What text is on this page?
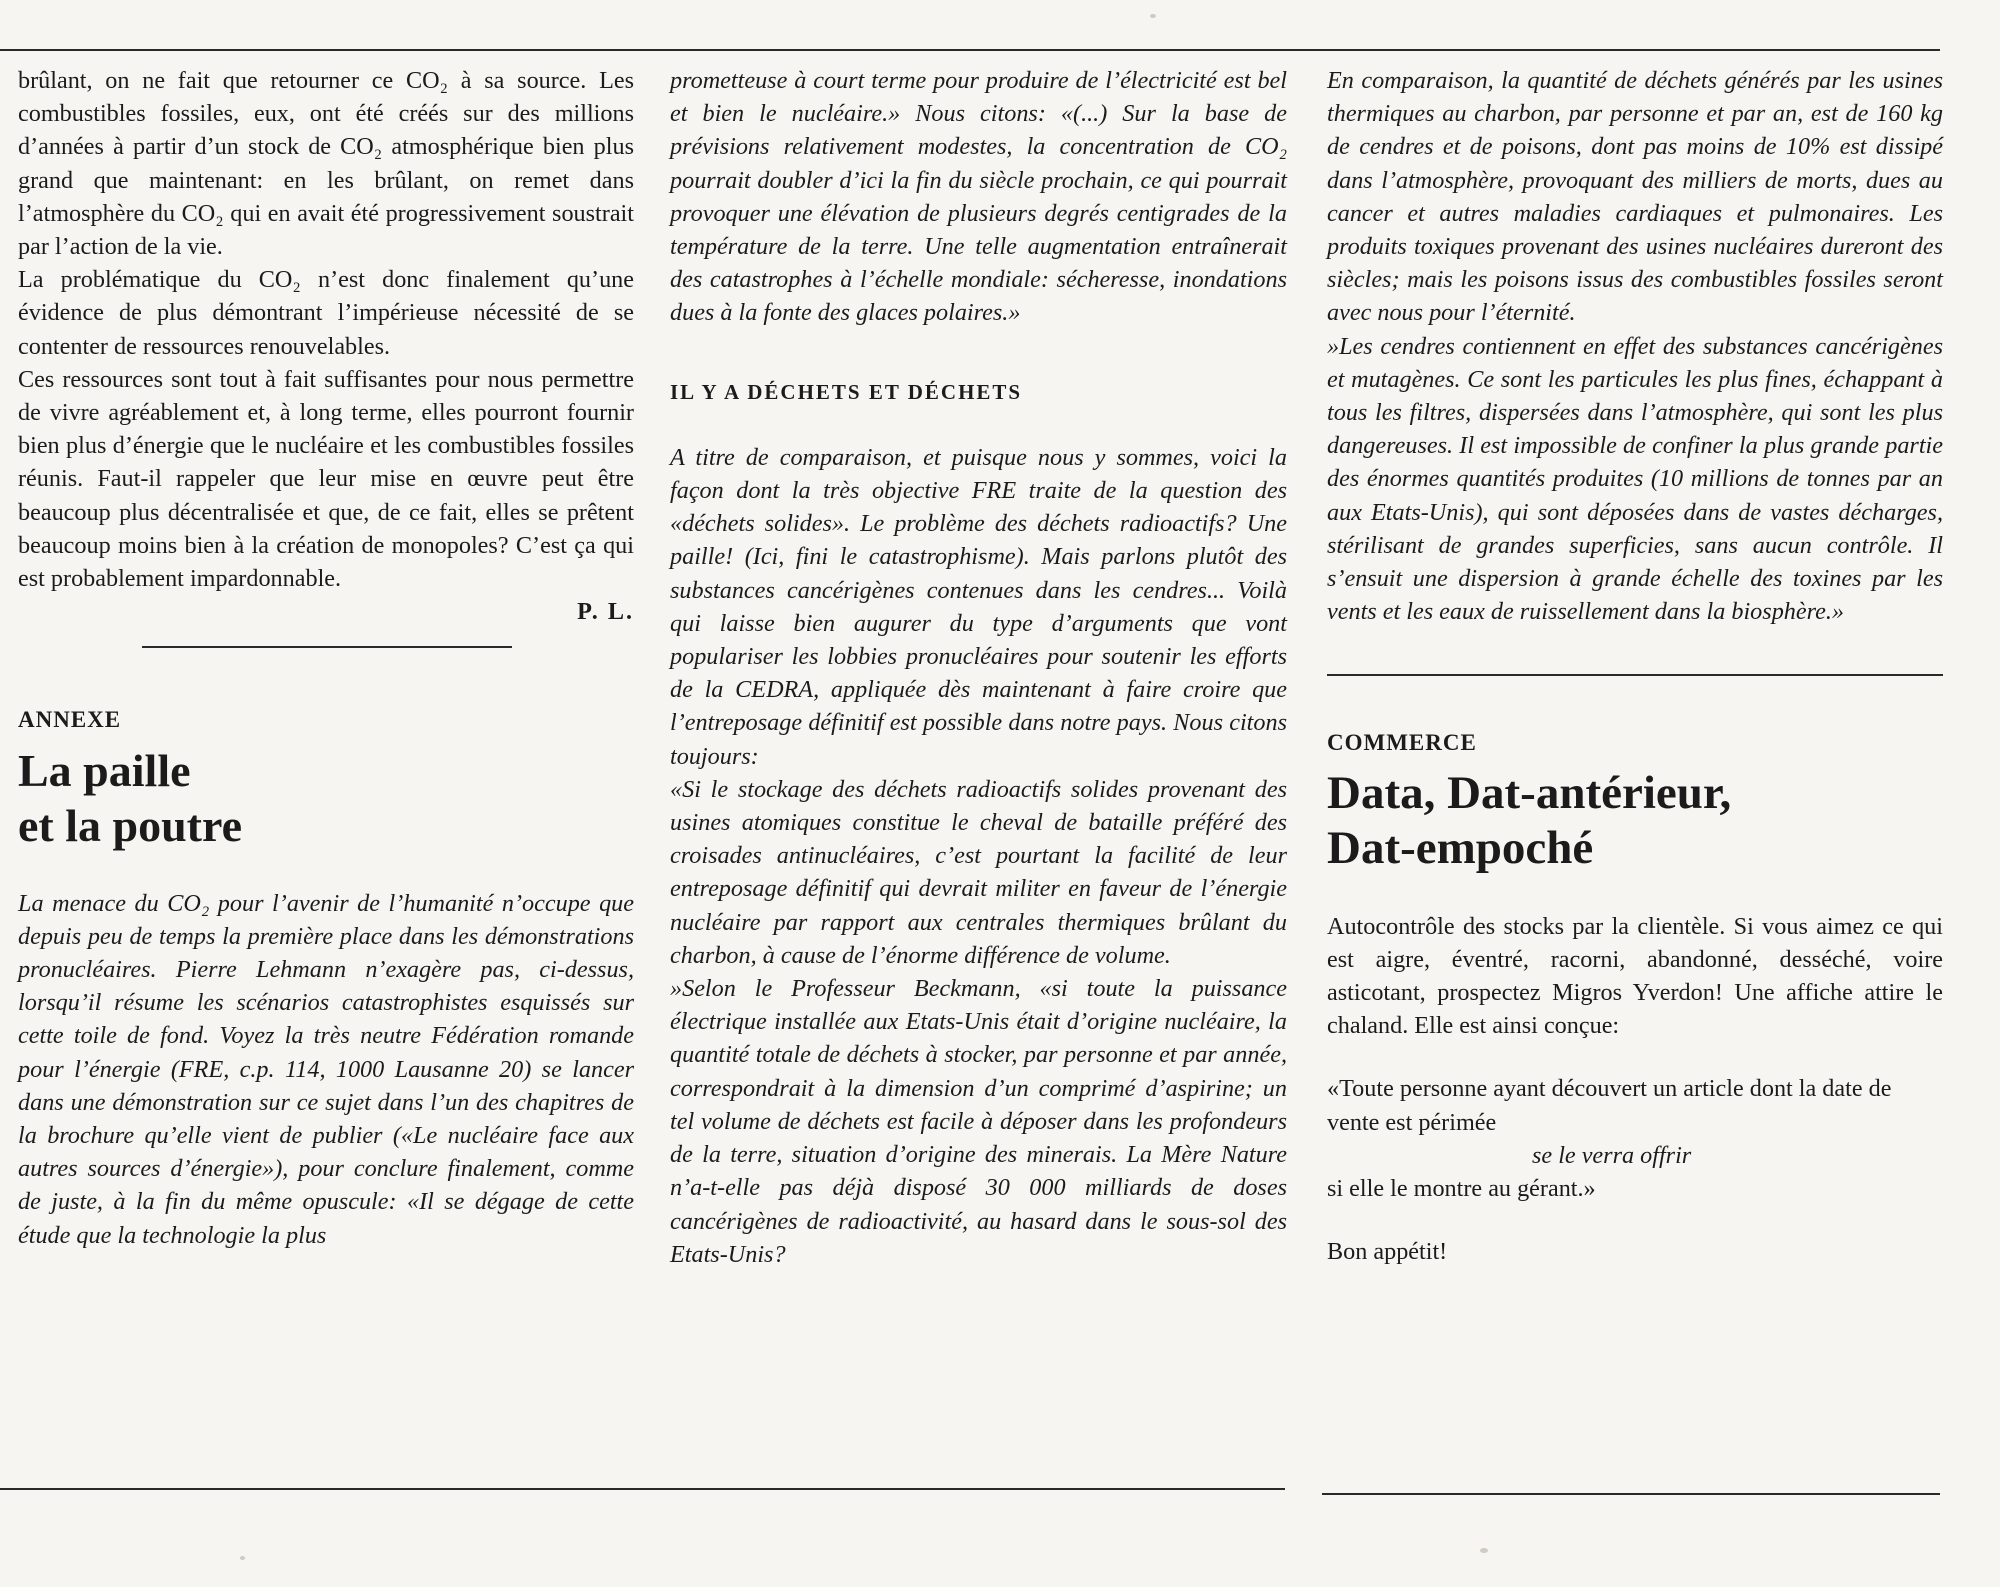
brûlant, on ne fait que retourner ce CO₂ à sa source. Les combustibles fossiles, eux, ont été créés sur des millions d’années à partir d’un stock de CO₂ atmosphérique bien plus grand que maintenant: en les brûlant, on remet dans l’atmosphère du CO₂ qui en avait été progressivement soustrait par l’action de la vie.

La problématique du CO₂ n’est donc finalement qu’une évidence de plus démontrant l’impérieuse nécessité de se contenter de ressources renouvelables.

Ces ressources sont tout à fait suffisantes pour nous permettre de vivre agréablement et, à long terme, elles pourront fournir bien plus d’énergie que le nucléaire et les combustibles fossiles réunis. Faut-il rappeler que leur mise en œuvre peut être beaucoup plus décentralisée et que, de ce fait, elles se prêtent beaucoup moins bien à la création de monopoles? C’est ça qui est probablement impardonnable.

P. L.

ANNEXE
La paille
et la poutre

La menace du CO₂ pour l’avenir de l’humanité n’occupe que depuis peu de temps la première place dans les démonstrations pronucléaires. Pierre Lehmann n’exagère pas, ci-dessus, lorsqu’il résume les scénarios catastrophistes esquissés sur cette toile de fond. Voyez la très neutre Fédération romande pour l’énergie (FRE, c.p. 114, 1000 Lausanne 20) se lancer dans une démonstration sur ce sujet dans l’un des chapitres de la brochure qu’elle vient de publier («Le nucléaire face aux autres sources d’énergie»), pour conclure finalement, comme de juste, à la fin du même opuscule: «Il se dégage de cette étude que la technologie la plus

prometteuse à court terme pour produire de l’électricité est bel et bien le nucléaire.» Nous citons: «(...) Sur la base de prévisions relativement modestes, la concentration de CO₂ pourrait doubler d’ici la fin du siècle prochain, ce qui pourrait provoquer une élévation de plusieurs degrés centigrades de la température de la terre. Une telle augmentation entraînerait des catastrophes à l’échelle mondiale: sécheresse, inondations dues à la fonte des glaces polaires.»

IL Y A DÉCHETS ET DÉCHETS

A titre de comparaison, et puisque nous y sommes, voici la façon dont la très objective FRE traite de la question des «déchets solides». Le problème des déchets radioactifs? Une paille! (Ici, fini le catastrophisme). Mais parlons plutôt des substances cancérigènes contenues dans les cendres... Voilà qui laisse bien augurer du type d’arguments que vont populariser les lobbies pronucléaires pour soutenir les efforts de la CEDRA, appliquée dès maintenant à faire croire que l’entreposage définitif est possible dans notre pays. Nous citons toujours:

«Si le stockage des déchets radioactifs solides provenant des usines atomiques constitue le cheval de bataille préféré des croisades antinucléaires, c’est pourtant la facilité de leur entreposage définitif qui devrait militer en faveur de l’énergie nucléaire par rapport aux centrales thermiques brûlant du charbon, à cause de l’énorme différence de volume.

»Selon le Professeur Beckmann, «si toute la puissance électrique installée aux Etats-Unis était d’origine nucléaire, la quantité totale de déchets à stocker, par personne et par année, correspondrait à la dimension d’un comprimé d’aspirine; un tel volume de déchets est facile à déposer dans les profondeurs de la terre, situation d’origine des minerais. La Mère Nature n’a-t-elle pas déjà disposé 30 000 milliards de doses cancérigènes de radioactivité, au hasard dans le sous-sol des Etats-Unis?

En comparaison, la quantité de déchets générés par les usines thermiques au charbon, par personne et par an, est de 160 kg de cendres et de poisons, dont pas moins de 10% est dissipé dans l’atmosphère, provoquant des milliers de morts, dues au cancer et autres maladies cardiaques et pulmonaires. Les produits toxiques provenant des usines nucléaires dureront des siècles; mais les poisons issus des combustibles fossiles seront avec nous pour l’éternité.

»Les cendres contiennent en effet des substances cancérigènes et mutagènes. Ce sont les particules les plus fines, échappant à tous les filtres, dispersées dans l’atmosphère, qui sont les plus dangereuses. Il est impossible de confiner la plus grande partie des énormes quantités produites (10 millions de tonnes par an aux Etats-Unis), qui sont déposées dans de vastes décharges, stérilisant de grandes superficies, sans aucun contrôle. Il s’ensuit une dispersion à grande échelle des toxines par les vents et les eaux de ruissellement dans la biosphère.»

COMMERCE
Data, Dat-antérieur,
Dat-empoché

Autocontrôle des stocks par la clientèle. Si vous aimez ce qui est aigre, éventré, racorni, abandonné, desséché, voire asticotant, prospectez Migros Yverdon! Une affiche attire le chaland. Elle est ainsi conçue:

«Toute personne ayant découvert un article dont la date de vente est périmée
se le verra offrir
si elle le montre au gérant.»

Bon appétit!
